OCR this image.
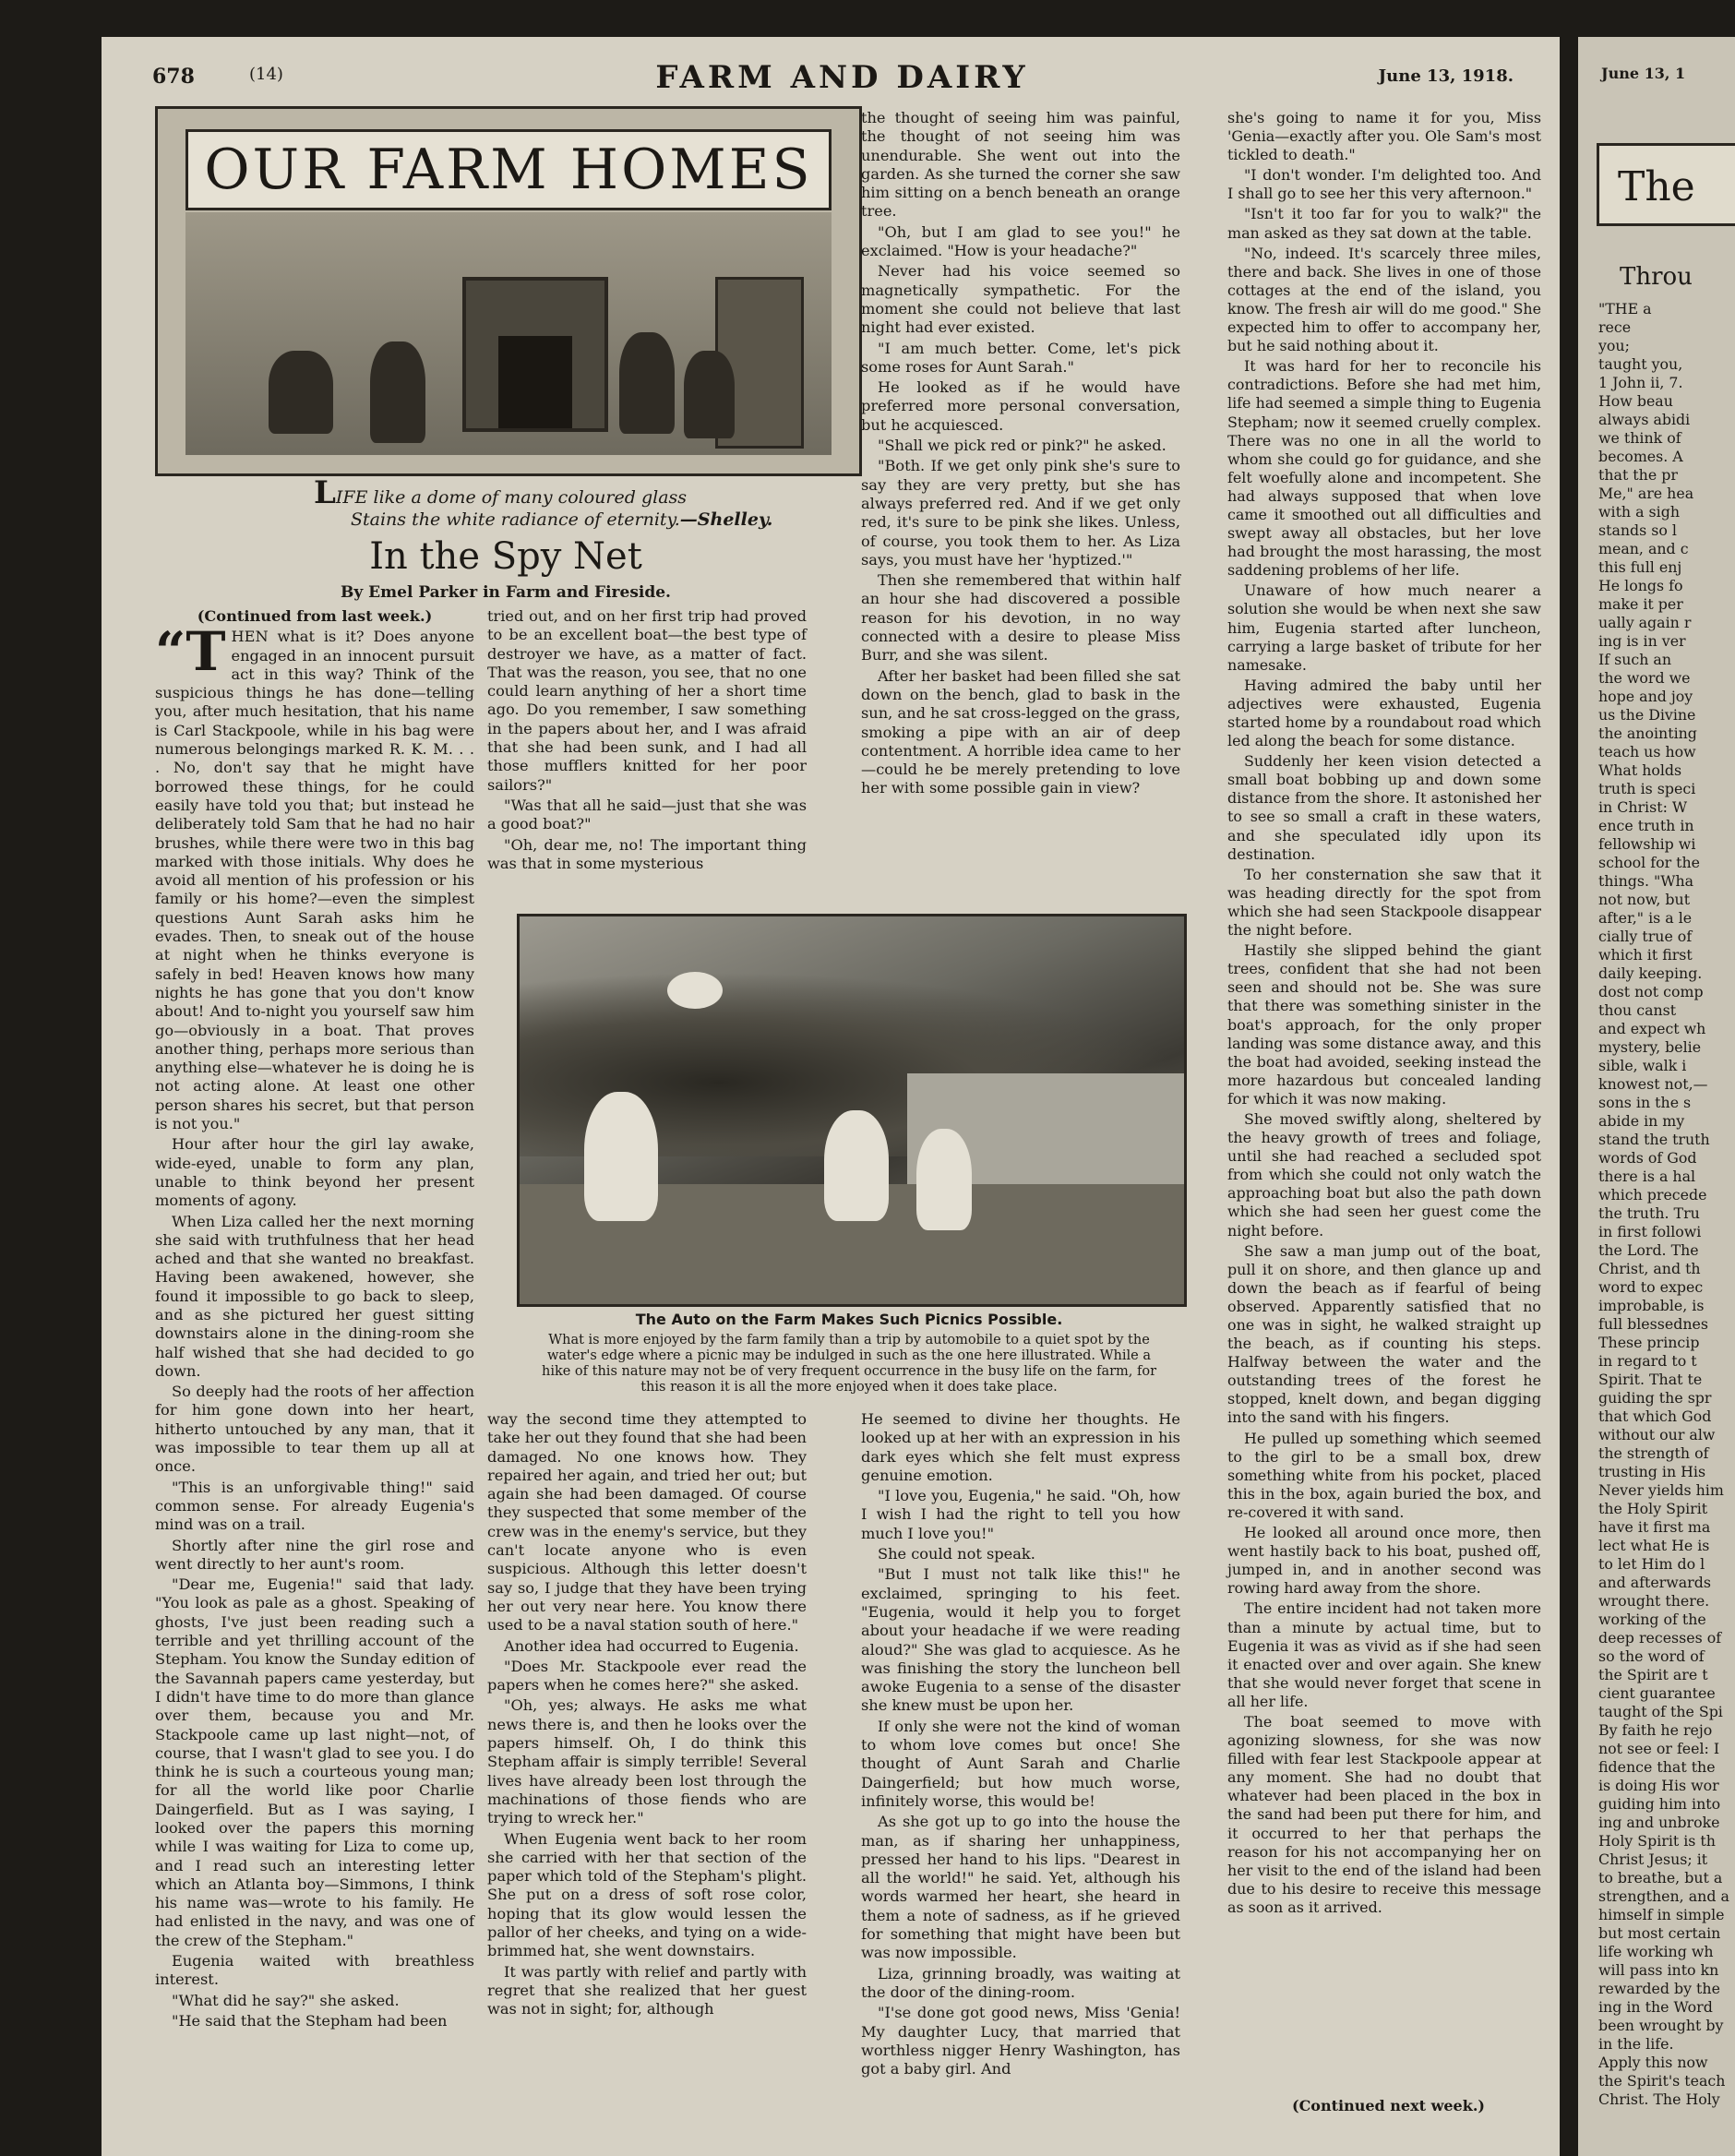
678	(14)	FARM AND DAIRY	June 13, 1918.
OUR FARM HOMES
LIFE like a dome of many coloured glass
Stains the white radiance of eternity.—Shelley.
In the Spy Net
By Emel Parker in Farm and Fireside.

(Continued from last week.)

“THEN what is it? Does anyone engaged in an innocent pursuit act in this way? Think of the suspicious things he has done—telling you, after much hesitation, that his name is Carl Stackpoole, while in his bag were numerous belongings marked R. K. M. . . . No, don't say that he might have borrowed these things, for he could easily have told you that; but instead he deliberately told Sam that he had no hair brushes, while there were two in this bag marked with those initials. Why does he avoid all mention of his profession or his family or his home?—even the simplest questions Aunt Sarah asks him he evades. Then, to sneak out of the house at night when he thinks everyone is safely in bed! Heaven knows how many nights he has gone that you don't know about! And to-night you yourself saw him go—obviously in a boat. That proves another thing, perhaps more serious than anything else—whatever he is doing he is not acting alone. At least one other person shares his secret, but that person is not you."

Hour after hour the girl lay awake, wide-eyed, unable to form any plan, unable to think beyond her present moments of agony.

When Liza called her the next morning she said with truthfulness that her head ached and that she wanted no breakfast. Having been awakened, however, she found it impossible to go back to sleep, and as she pictured her guest sitting downstairs alone in the dining-room she half wished that she had decided to go down.

So deeply had the roots of her affection for him gone down into her heart, hitherto untouched by any man, that it was impossible to tear them up all at once.

"This is an unforgivable thing!" said common sense. For already Eugenia's mind was on a trail.

Shortly after nine the girl rose and went directly to her aunt's room.

"Dear me, Eugenia!" said that lady. "You look as pale as a ghost. Speaking of ghosts, I've just been reading such a terrible and yet thrilling account of the Stepham. You know the Sunday edition of the Savannah papers came yesterday, but I didn't have time to do more than glance over them, because you and Mr. Stackpoole came up last night—not, of course, that I wasn't glad to see you. I do think he is such a courteous young man; for all the world like poor Charlie Daingerfield. But as I was saying, I looked over the papers this morning while I was waiting for Liza to come up, and I read such an interesting letter which an Atlanta boy—Simmons, I think his name was—wrote to his family. He had enlisted in the navy, and was one of the crew of the Stepham."

Eugenia waited with breathless interest.

"What did he say?" she asked.

"He said that the Stepham had been

tried out, and on her first trip had proved to be an excellent boat—the best type of destroyer we have, as a matter of fact. That was the reason, you see, that no one could learn anything of her a short time ago. Do you remember, I saw something in the papers about her, and I was afraid that she had been sunk, and I had all those mufflers knitted for her poor sailors?"

"Was that all he said—just that she was a good boat?"

"Oh, dear me, no! The important thing was that in some mysterious

the thought of seeing him was painful, the thought of not seeing him was unendurable. She went out into the garden. As she turned the corner she saw him sitting on a bench beneath an orange tree.

"Oh, but I am glad to see you!" he exclaimed. "How is your headache?"

Never had his voice seemed so magnetically sympathetic. For the moment she could not believe that last night had ever existed.

"I am much better. Come, let's pick some roses for Aunt Sarah."

He looked as if he would have preferred more personal conversation, but he acquiesced.

"Shall we pick red or pink?" he asked.

"Both. If we get only pink she's sure to say they are very pretty, but she has always preferred red. And if we get only red, it's sure to be pink she likes. Unless, of course, you took them to her. As Liza says, you must have her 'hyptized.'"

Then she remembered that within half an hour she had discovered a possible reason for his devotion, in no way connected with a desire to please Miss Burr, and she was silent.

After her basket had been filled she sat down on the bench, glad to bask in the sun, and he sat cross-legged on the grass, smoking a pipe with an air of deep contentment. A horrible idea came to her—could he be merely pretending to love her with some possible gain in view?

The Auto on the Farm Makes Such Picnics Possible.
What is more enjoyed by the farm family than a trip by automobile to a quiet spot by the water's edge where a picnic may be indulged in such as the one here illustrated. While a hike of this nature may not be of very frequent occurrence in the busy life on the farm, for this reason it is all the more enjoyed when it does take place.

way the second time they attempted to take her out they found that she had been damaged. No one knows how. They repaired her again, and tried her out; but again she had been damaged. Of course they suspected that some member of the crew was in the enemy's service, but they can't locate anyone who is even suspicious. Although this letter doesn't say so, I judge that they have been trying her out very near here. You know there used to be a naval station south of here."

Another idea had occurred to Eugenia.

"Does Mr. Stackpoole ever read the papers when he comes here?" she asked.

"Oh, yes; always. He asks me what news there is, and then he looks over the papers himself. Oh, I do think this Stepham affair is simply terrible! Several lives have already been lost through the machinations of those fiends who are trying to wreck her."

When Eugenia went back to her room she carried with her that section of the paper which told of the Stepham's plight. She put on a dress of soft rose color, hoping that its glow would lessen the pallor of her cheeks, and tying on a wide-brimmed hat, she went downstairs.

It was partly with relief and partly with regret that she realized that her guest was not in sight; for, although

He seemed to divine her thoughts. He looked up at her with an expression in his dark eyes which she felt must express genuine emotion.

"I love you, Eugenia," he said. "Oh, how I wish I had the right to tell you how much I love you!"

She could not speak.

"But I must not talk like this!" he exclaimed, springing to his feet. "Eugenia, would it help you to forget about your headache if we were reading aloud?" She was glad to acquiesce. As he was finishing the story the luncheon bell awoke Eugenia to a sense of the disaster she knew must be upon her.

If only she were not the kind of woman to whom love comes but once! She thought of Aunt Sarah and Charlie Daingerfield; but how much worse, infinitely worse, this would be!

As she got up to go into the house the man, as if sharing her unhappiness, pressed her hand to his lips. "Dearest in all the world!" he said. Yet, although his words warmed her heart, she heard in them a note of sadness, as if he grieved for something that might have been but was now impossible.

Liza, grinning broadly, was waiting at the door of the dining-room.

"I'se done got good news, Miss 'Genia! My daughter Lucy, that married that worthless nigger Henry Washington, has got a baby girl. And

she's going to name it for you, Miss 'Genia—exactly after you. Ole Sam's most tickled to death."

"I don't wonder. I'm delighted too. And I shall go to see her this very afternoon."

"Isn't it too far for you to walk?" the man asked as they sat down at the table.

"No, indeed. It's scarcely three miles, there and back. She lives in one of those cottages at the end of the island, you know. The fresh air will do me good." She expected him to offer to accompany her, but he said nothing about it.

It was hard for her to reconcile his contradictions. Before she had met him, life had seemed a simple thing to Eugenia Stepham; now it seemed cruelly complex. There was no one in all the world to whom she could go for guidance, and she felt woefully alone and incompetent. She had always supposed that when love came it smoothed out all difficulties and swept away all obstacles, but her love had brought the most harassing, the most saddening problems of her life.

Unaware of how much nearer a solution she would be when next she saw him, Eugenia started after luncheon, carrying a large basket of tribute for her namesake.

Having admired the baby until her adjectives were exhausted, Eugenia started home by a roundabout road which led along the beach for some distance.

Suddenly her keen vision detected a small boat bobbing up and down some distance from the shore. It astonished her to see so small a craft in these waters, and she speculated idly upon its destination.

To her consternation she saw that it was heading directly for the spot from which she had seen Stackpoole disappear the night before.

Hastily she slipped behind the giant trees, confident that she had not been seen and should not be. She was sure that there was something sinister in the boat's approach, for the only proper landing was some distance away, and this the boat had avoided, seeking instead the more hazardous but concealed landing for which it was now making.

She moved swiftly along, sheltered by the heavy growth of trees and foliage, until she had reached a secluded spot from which she could not only watch the approaching boat but also the path down which she had seen her guest come the night before.

She saw a man jump out of the boat, pull it on shore, and then glance up and down the beach as if fearful of being observed. Apparently satisfied that no one was in sight, he walked straight up the beach, as if counting his steps. Halfway between the water and the outstanding trees of the forest he stopped, knelt down, and began digging into the sand with his fingers.

He pulled up something which seemed to the girl to be a small box, drew something white from his pocket, placed this in the box, again buried the box, and re-covered it with sand.

He looked all around once more, then went hastily back to his boat, pushed off, jumped in, and in another second was rowing hard away from the shore.

The entire incident had not taken more than a minute by actual time, but to Eugenia it was as vivid as if she had seen it enacted over and over again. She knew that she would never forget that scene in all her life.

The boat seemed to move with agonizing slowness, for she was now filled with fear lest Stackpoole appear at any moment. She had no doubt that whatever had been placed in the box in the sand had been put there for him, and it occurred to her that perhaps the reason for his not accompanying her on her visit to the end of the island had been due to his desire to receive this message as soon as it arrived.

(Continued next week.)
June 13, 1
The
Throu
"THE a
rece
you;
taught you,
1 John ii, 7.
How beau
always abidi
we think of
becomes. A
that the pr
Me," are hea
with a sigh
stands so l
mean, and c
this full enj
He longs fo
make it per
ually again r
ing is in ver
If such an
the word we
hope and joy
us the Divine
the anointing
teach us how
What holds
truth is speci
in Christ: W
ence truth in
fellowship wi
school for the
things. "Wha
not now, but
after," is a le
cially true of
which it first
daily keeping.
dost not comp
thou canst
and expect wh
mystery, belie
sible, walk i
knowest not,—
sons in the s
abide in my
stand the truth
words of God
there is a hal
which precede
the truth. Tru
in first followi
the Lord. The
Christ, and th
word to expec
improbable, is
full blessednes
These princip
in regard to t
Spirit. That te
guiding the spr
that which God
without our alw
the strength of
trusting in His
Never yields him
the Holy Spirit
have it first ma
lect what He is
to let Him do l
and afterwards
wrought there.
working of the
deep recesses of
so the word of
the Spirit are t
cient guarantee
taught of the Spi
By faith he rejo
not see or feel: I
fidence that the
is doing His wor
guiding him into
ing and unbroke
Holy Spirit is th
Christ Jesus; it
to breathe, but a
strengthen, and a
himself in simple
but most certain
life working wh
will pass into kn
rewarded by the
ing in the Word
been wrought by
in the life.
Apply this now
the Spirit's teach
Christ. The Holy
